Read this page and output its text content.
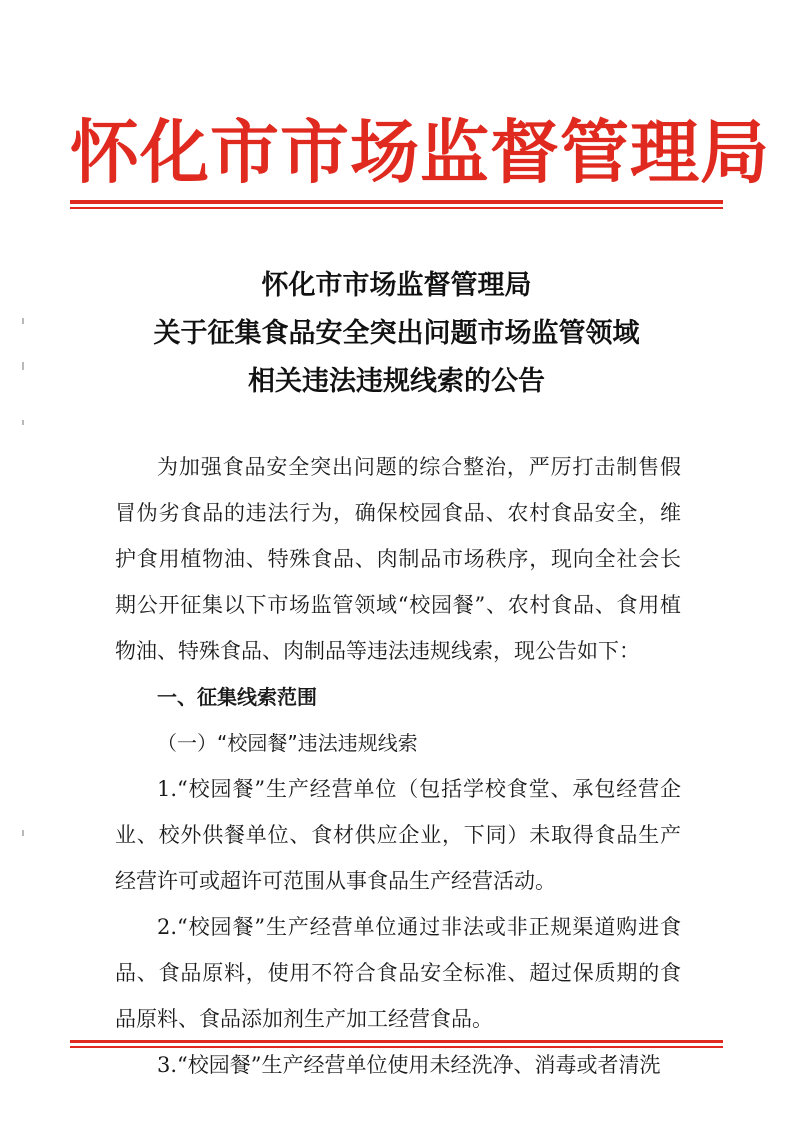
怀化市市场监督管理局
怀化市市场监督管理局
关于征集食品安全突出问题市场监管领域
相关违法违规线索的公告

为加强食品安全突出问题的综合整治，严厉打击制售假冒伪劣食品的违法行为，确保校园食品、农村食品安全，维护食用植物油、特殊食品、肉制品市场秩序，现向全社会长期公开征集以下市场监管领域“校园餐”、农村食品、食用植物油、特殊食品、肉制品等违法违规线索，现公告如下：

一、征集线索范围

（一）“校园餐”违法违规线索

1.“校园餐”生产经营单位（包括学校食堂、承包经营企业、校外供餐单位、食材供应企业，下同）未取得食品生产经营许可或超许可范围从事食品生产经营活动。

2.“校园餐”生产经营单位通过非法或非正规渠道购进食品、食品原料，使用不符合食品安全标准、超过保质期的食品原料、食品添加剂生产加工经营食品。

3.“校园餐”生产经营单位使用未经洗净、消毒或者清洗
